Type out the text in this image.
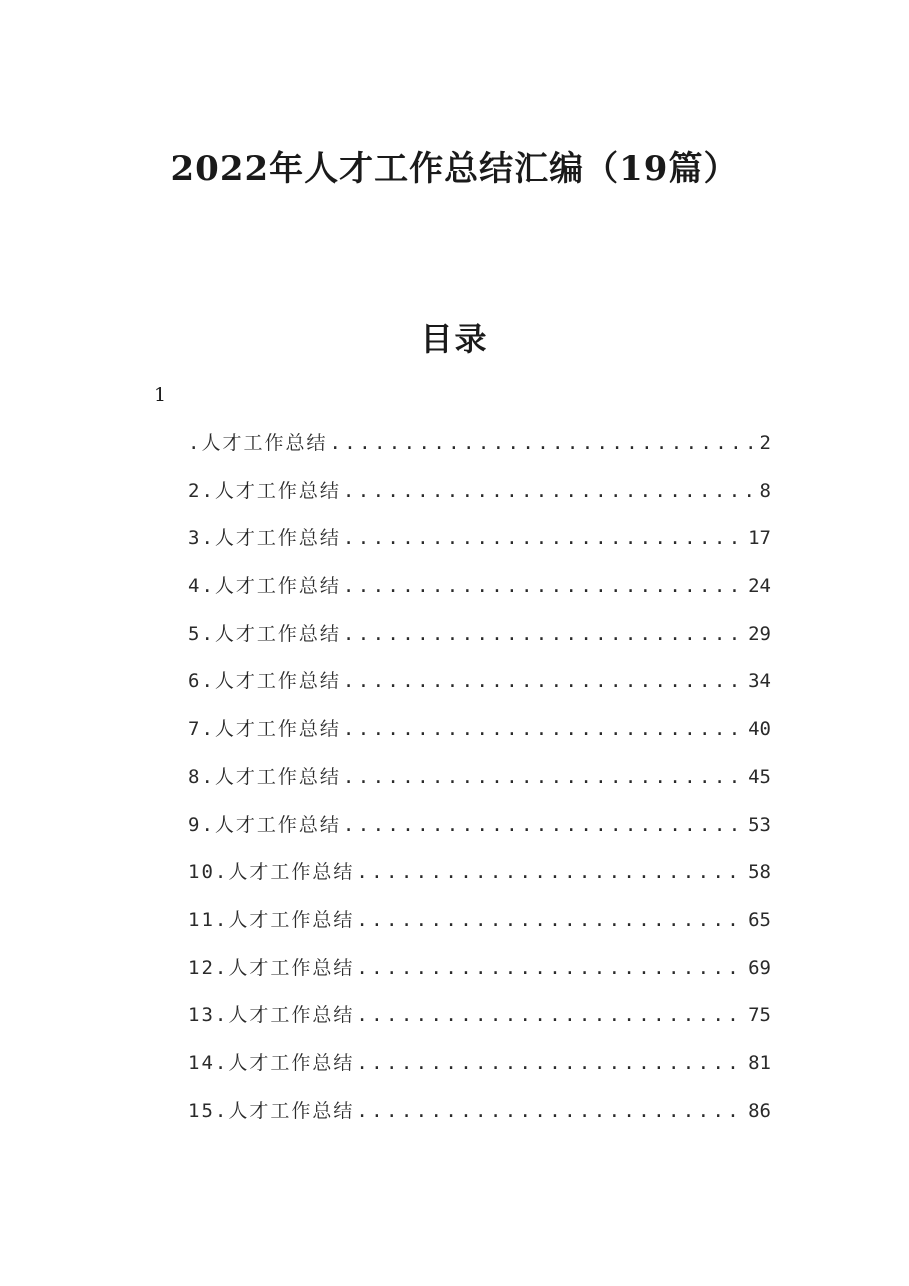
2022年人才工作总结汇编（19篇）
目录
1
.人才工作总结 .....	2
2.人才工作总结 .....	8
3.人才工作总结 .....	17
4.人才工作总结 .....	24
5.人才工作总结 .....	29
6.人才工作总结 .....	34
7.人才工作总结 .....	40
8.人才工作总结 .....	45
9.人才工作总结 .....	53
10.人才工作总结 .....	58
11.人才工作总结 .....	65
12.人才工作总结 .....	69
13.人才工作总结 .....	75
14.人才工作总结 .....	81
15.人才工作总结 .....	86
